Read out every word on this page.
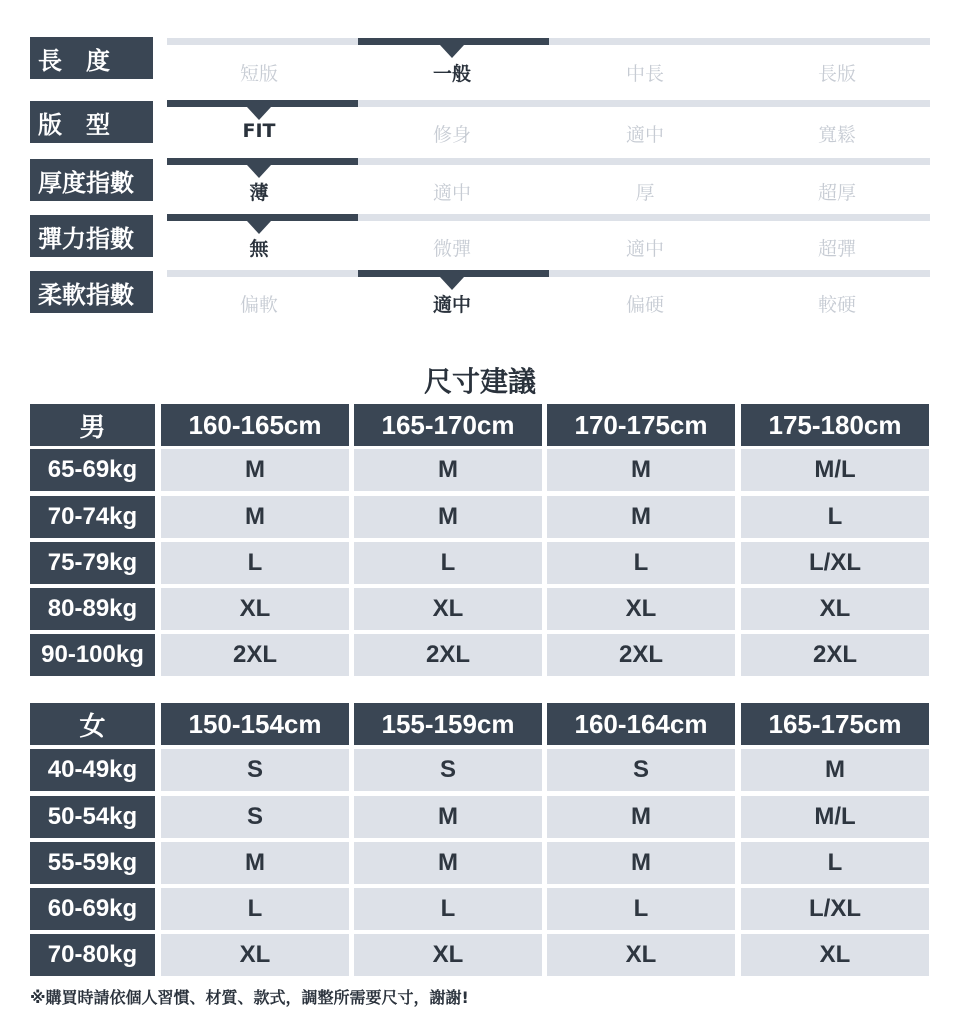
長　度	短版	一般	中長	長版
版　型	FIT	修身	適中	寬鬆
厚度指數	薄	適中	厚	超厚
彈力指數	無	微彈	適中	超彈
柔軟指數	偏軟	適中	偏硬	較硬
尺寸建議
男	160-165cm	165-170cm	170-175cm	175-180cm
65-69kg	M	M	M	M/L
70-74kg	M	M	M	L
75-79kg	L	L	L	L/XL
80-89kg	XL	XL	XL	XL
90-100kg	2XL	2XL	2XL	2XL
女	150-154cm	155-159cm	160-164cm	165-175cm
40-49kg	S	S	S	M
50-54kg	S	M	M	M/L
55-59kg	M	M	M	L
60-69kg	L	L	L	L/XL
70-80kg	XL	XL	XL	XL
※購買時請依個人習慣、材質、款式，調整所需要尺寸，謝謝!
